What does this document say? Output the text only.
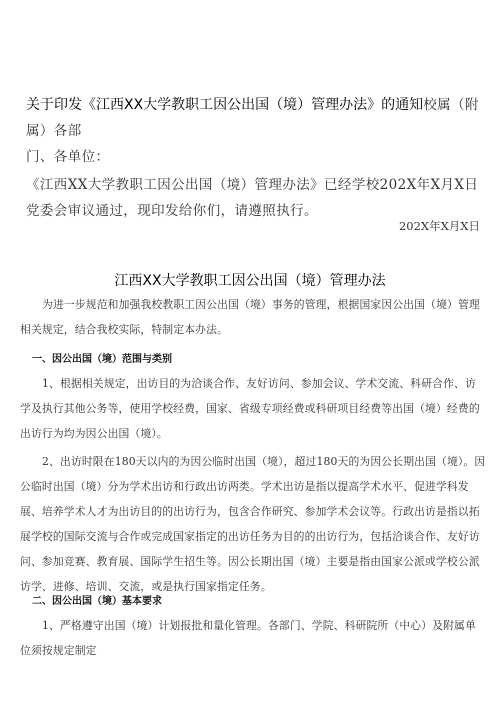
关于印发《江西XX大学教职工因公出国（境）管理办法》的通知校属（附属）各部
门、各单位：

《江西XX大学教职工因公出国（境）管理办法》已经学校202X年X月X日党委会审议通过，现印发给你们，请遵照执行。

202X年X月X日
江西XX大学教职工因公出国（境）管理办法

为进一步规范和加强我校教职工因公出国（境）事务的管理，根据国家因公出国（境）管理相关规定，结合我校实际，特制定本办法。

一、因公出国（境）范围与类别

1、根据相关规定，出访目的为洽谈合作、友好访问、参加会议、学术交流、科研合作、访学及执行其他公务等，使用学校经费，国家、省级专项经费或科研项目经费等出国（境）经费的出访行为均为因公出国（境）。

2、出访时限在180天以内的为因公临时出国（境），超过180天的为因公长期出国（境）。因公临时出国（境）分为学术出访和行政出访两类。学术出访是指以提高学术水平、促进学科发展、培养学术人才为出访目的的出访行为，包含合作研究、参加学术会议等。行政出访是指以拓展学校的国际交流与合作或完成国家指定的出访任务为目的的出访行为，包括洽谈合作、友好访问、参加竞赛、教育展、国际学生招生等。因公长期出国（境）主要是指由国家公派或学校公派访学、进修、培训、交流，或是执行国家指定任务。

二、因公出国（境）基本要求

1、严格遵守出国（境）计划报批和量化管理。各部门、学院、科研院所（中心）及附属单位须按规定制定
